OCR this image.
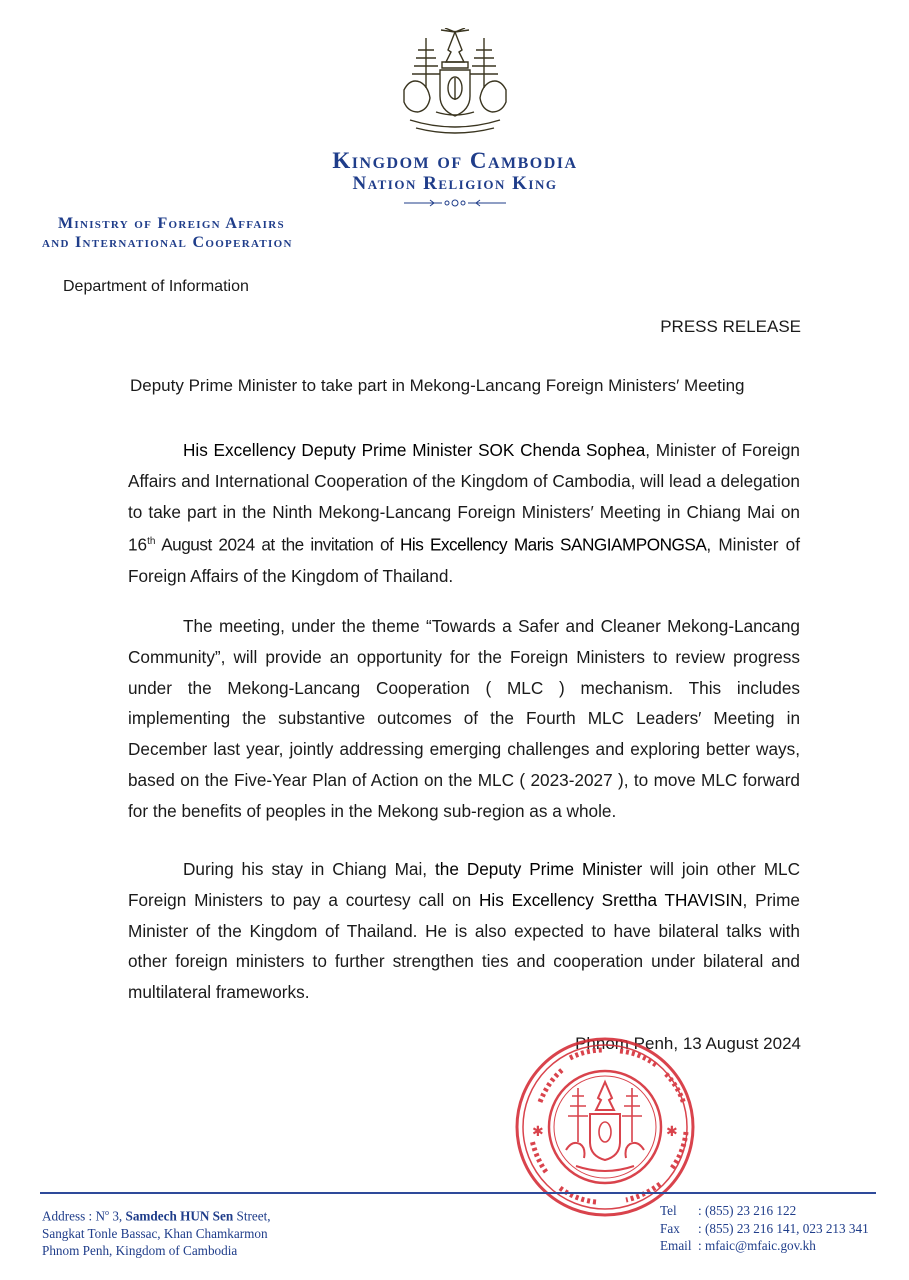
Kingdom of Cambodia
Nation Religion King
Ministry of Foreign Affairs
and International Cooperation
Department of Information
PRESS RELEASE
Deputy Prime Minister to take part in Mekong-Lancang Foreign Ministers′ Meeting

His Excellency Deputy Prime Minister SOK Chenda Sophea, Minister of Foreign Affairs and International Cooperation of the Kingdom of Cambodia, will lead a delegation to take part in the Ninth Mekong-Lancang Foreign Ministers′ Meeting in Chiang Mai on 16th August 2024 at the invitation of His Excellency Maris SANGIAMPONGSA, Minister of Foreign Affairs of the Kingdom of Thailand.

The meeting, under the theme “Towards a Safer and Cleaner Mekong-Lancang Community”, will provide an opportunity for the Foreign Ministers to review progress under the Mekong-Lancang Cooperation ( MLC ) mechanism. This includes implementing the substantive outcomes of the Fourth MLC Leaders′ Meeting in December last year, jointly addressing emerging challenges and exploring better ways, based on the Five-Year Plan of Action on the MLC ( 2023-2027 ), to move MLC forward for the benefits of peoples in the Mekong sub-region as a whole.

During his stay in Chiang Mai, the Deputy Prime Minister will join other MLC Foreign Ministers to pay a courtesy call on His Excellency Srettha THAVISIN, Prime Minister of the Kingdom of Thailand. He is also expected to have bilateral talks with other foreign ministers to further strengthen ties and cooperation under bilateral and multilateral frameworks.

Phnom Penh, 13 August 2024
✱	✱
Address : $N^o$ 3, Samdech HUN Sen Street,
Sangkat Tonle Bassac, Khan Chamkarmon
Phnom Penh, Kingdom of Cambodia
Tel : (855) 23 216 122
Fax : (855) 23 216 141, 023 213 341
Email : mfaic@mfaic.gov.kh
